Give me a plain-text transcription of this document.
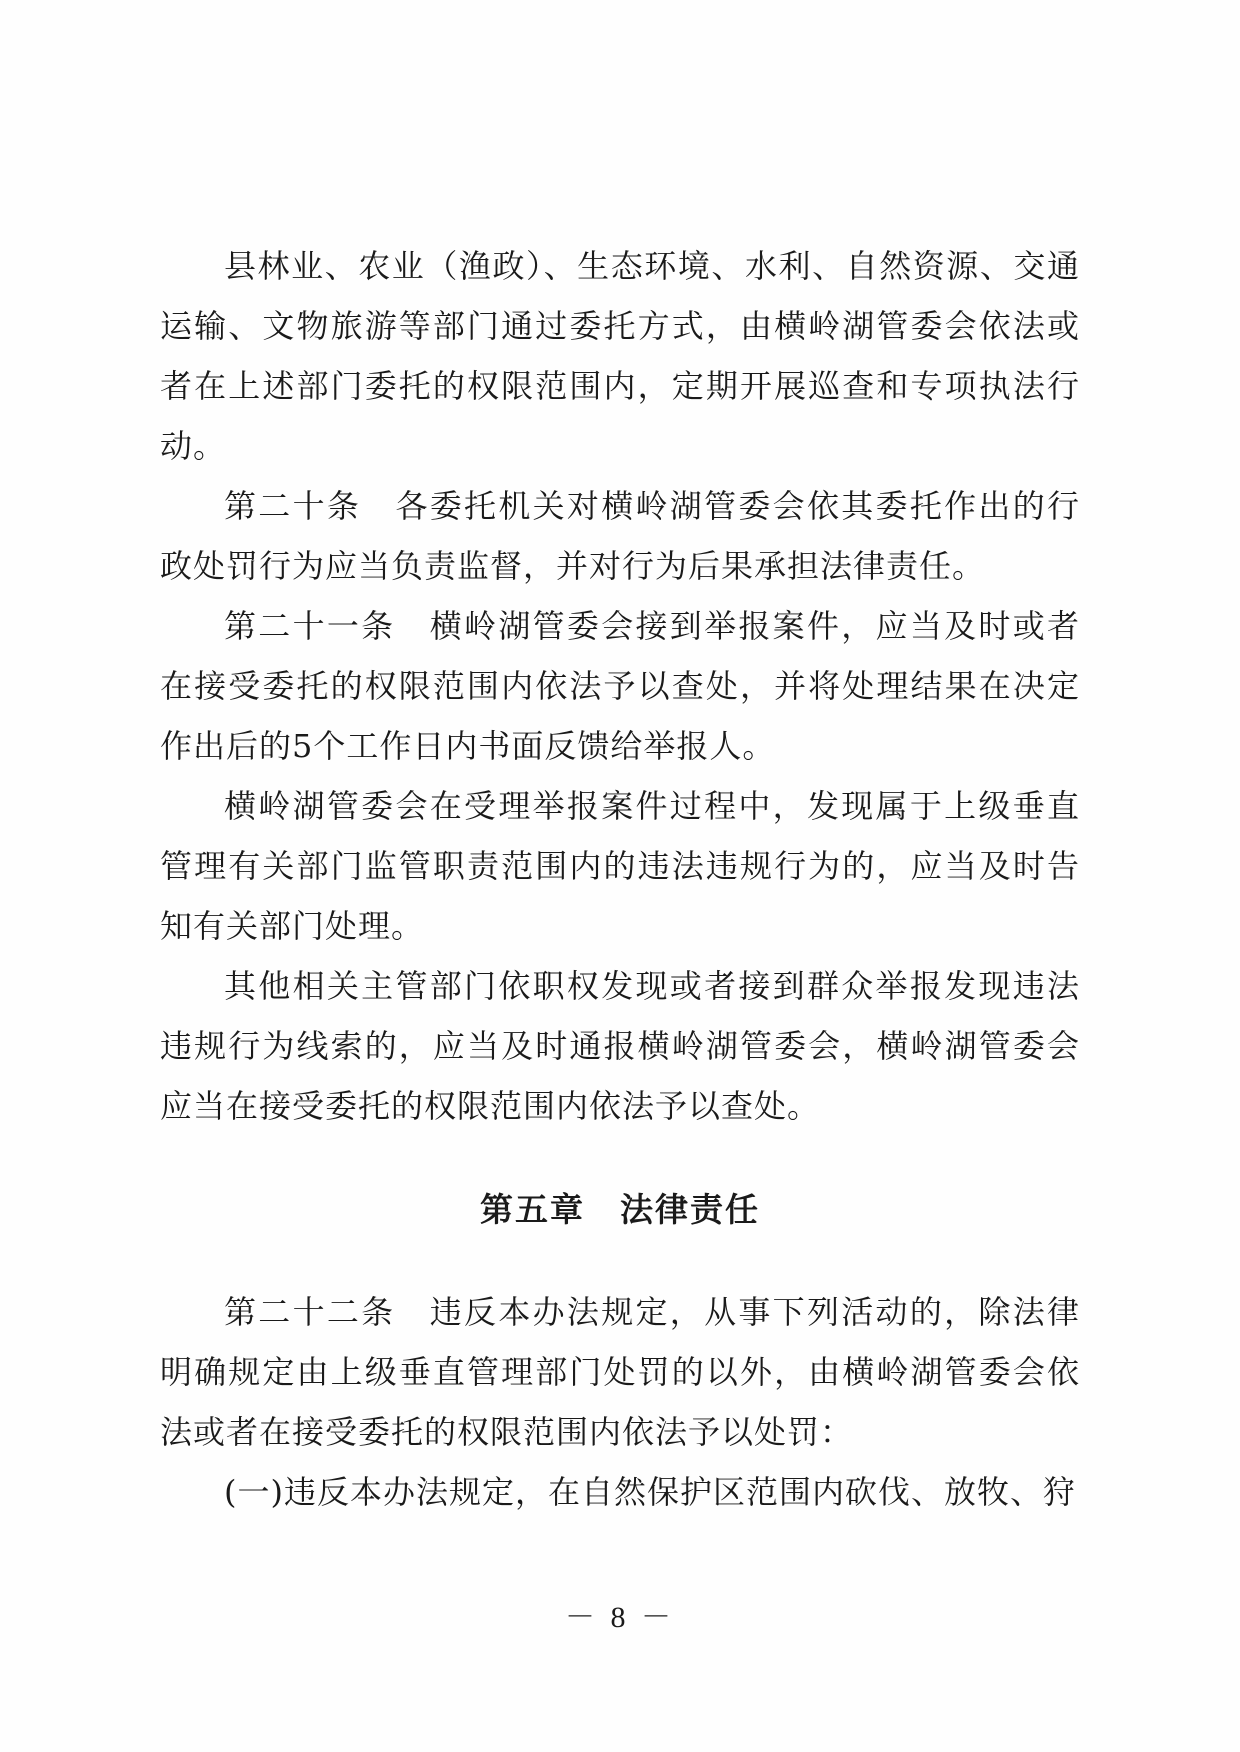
县林业、农业（渔政）、生态环境、水利、自然资源、交通运输、文物旅游等部门通过委托方式，由横岭湖管委会依法或者在上述部门委托的权限范围内，定期开展巡查和专项执法行动。

第二十条　各委托机关对横岭湖管委会依其委托作出的行政处罚行为应当负责监督，并对行为后果承担法律责任。

第二十一条　横岭湖管委会接到举报案件，应当及时或者在接受委托的权限范围内依法予以查处，并将处理结果在决定作出后的5个工作日内书面反馈给举报人。

横岭湖管委会在受理举报案件过程中，发现属于上级垂直管理有关部门监管职责范围内的违法违规行为的，应当及时告知有关部门处理。

其他相关主管部门依职权发现或者接到群众举报发现违法违规行为线索的，应当及时通报横岭湖管委会，横岭湖管委会应当在接受委托的权限范围内依法予以查处。

第五章　法律责任

第二十二条　违反本办法规定，从事下列活动的，除法律明确规定由上级垂直管理部门处罚的以外，由横岭湖管委会依法或者在接受委托的权限范围内依法予以处罚：

(一)违反本办法规定，在自然保护区范围内砍伐、放牧、狩

－ 8 －
